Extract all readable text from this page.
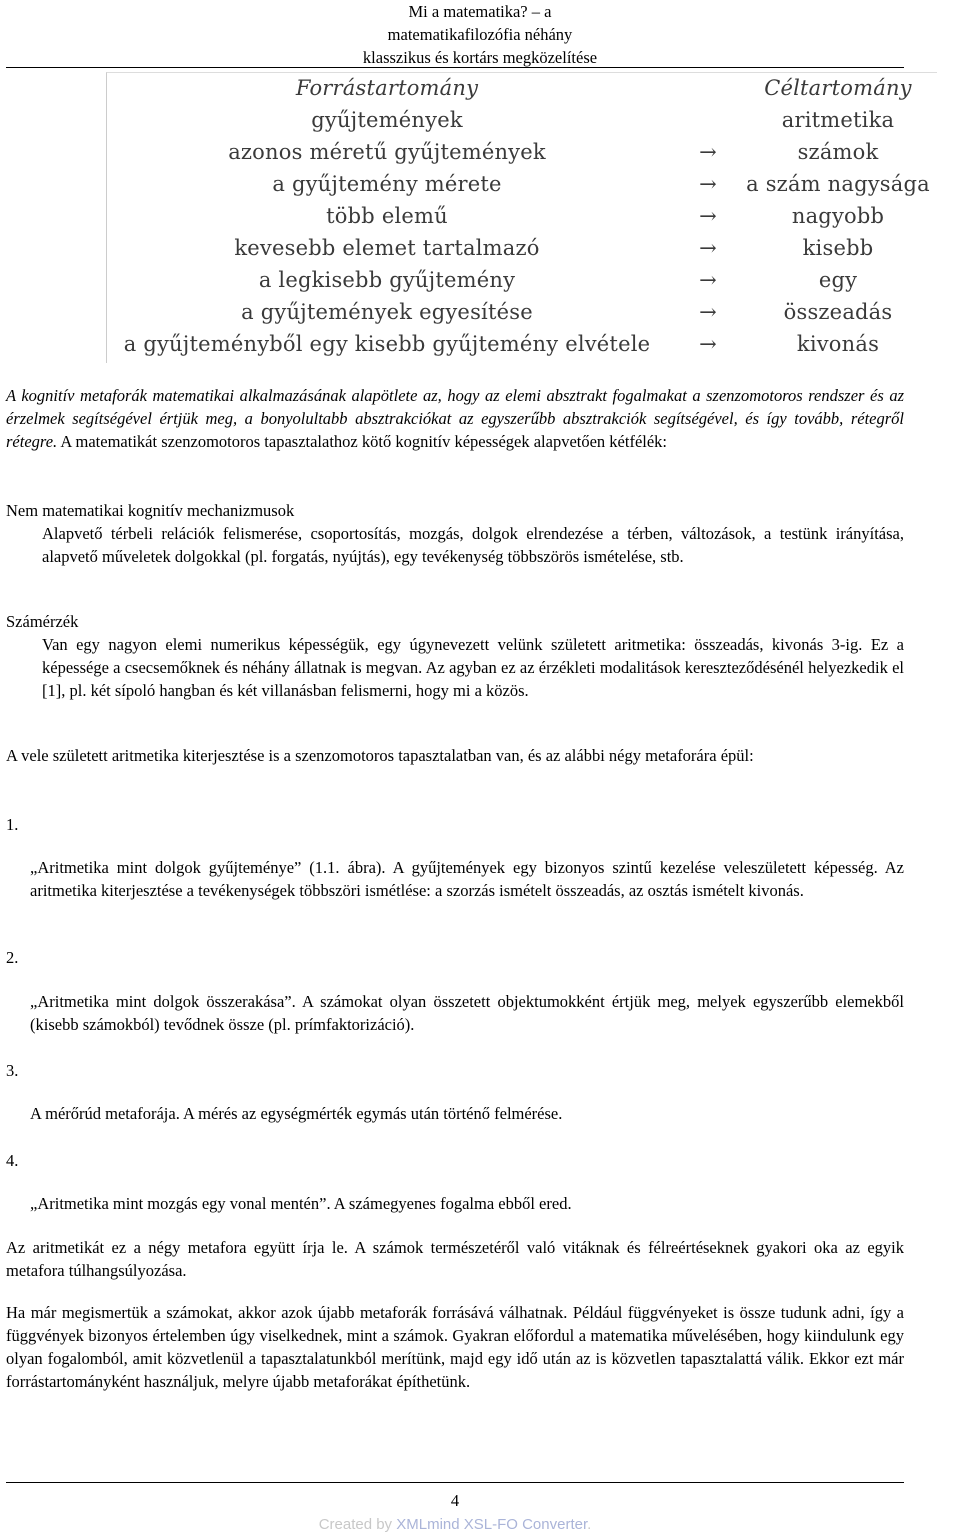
Mi a matematika? – a
matematikafilozófia néhány
klasszikus és kortárs megközelítése
Forrástartomány	Céltartomány
gyűjtemények	aritmetika
azonos méretű gyűjtemények	→	számok
a gyűjtemény mérete	→	a szám nagysága
több elemű	→	nagyobb
kevesebb elemet tartalmazó	→	kisebb
a legkisebb gyűjtemény	→	egy
a gyűjtemények egyesítése	→	összeadás
a gyűjteményből egy kisebb gyűjtemény elvétele	→	kivonás
A kognitív metaforák matematikai alkalmazásának alapötlete az, hogy az elemi absztrakt fogalmakat a szenzomotoros rendszer és az érzelmek segítségével értjük meg, a bonyolultabb absztrakciókat az egyszerűbb absztrakciók segítségével, és így tovább, rétegről rétegre. A matematikát szenzomotoros tapasztalathoz kötő kognitív képességek alapvetően kétfélék:
Nem matematikai kognitív mechanizmusok
Alapvető térbeli relációk felismerése, csoportosítás, mozgás, dolgok elrendezése a térben, változások, a testünk irányítása, alapvető műveletek dolgokkal (pl. forgatás, nyújtás), egy tevékenység többszörös ismételése, stb.
Számérzék
Van egy nagyon elemi numerikus képességük, egy úgynevezett velünk született aritmetika: összeadás, kivonás 3-ig. Ez a képessége a csecsemőknek és néhány állatnak is megvan. Az agyban ez az érzékleti modalitások kereszteződésénél helyezkedik el [1], pl. két sípoló hangban és két villanásban felismerni, hogy mi a közös.
A vele született aritmetika kiterjesztése is a szenzomotoros tapasztalatban van, és az alábbi négy metaforára épül:
1.
„Aritmetika mint dolgok gyűjteménye” (1.1. ábra). A gyűjtemények egy bizonyos szintű kezelése veleszületett képesség. Az aritmetika kiterjesztése a tevékenységek többszöri ismétlése: a szorzás ismételt összeadás, az osztás ismételt kivonás.
2.
„Aritmetika mint dolgok összerakása”. A számokat olyan összetett objektumokként értjük meg, melyek egyszerűbb elemekből (kisebb számokból) tevődnek össze (pl. prímfaktorizáció).
3.
A mérőrúd metaforája. A mérés az egységmérték egymás után történő felmérése.
4.
„Aritmetika mint mozgás egy vonal mentén”. A számegyenes fogalma ebből ered.
Az aritmetikát ez a négy metafora együtt írja le. A számok természetéről való vitáknak és félreértéseknek gyakori oka az egyik metafora túlhangsúlyozása.
Ha már megismertük a számokat, akkor azok újabb metaforák forrásává válhatnak. Például függvényeket is össze tudunk adni, így a függvények bizonyos értelemben úgy viselkednek, mint a számok. Gyakran előfordul a matematika művelésében, hogy kiindulunk egy olyan fogalomból, amit közvetlenül a tapasztalatunkból merítünk, majd egy idő után az is közvetlen tapasztalattá válik. Ekkor ezt már forrástartományként használjuk, melyre újabb metaforákat építhetünk.
4
Created by XMLmind XSL-FO Converter.
